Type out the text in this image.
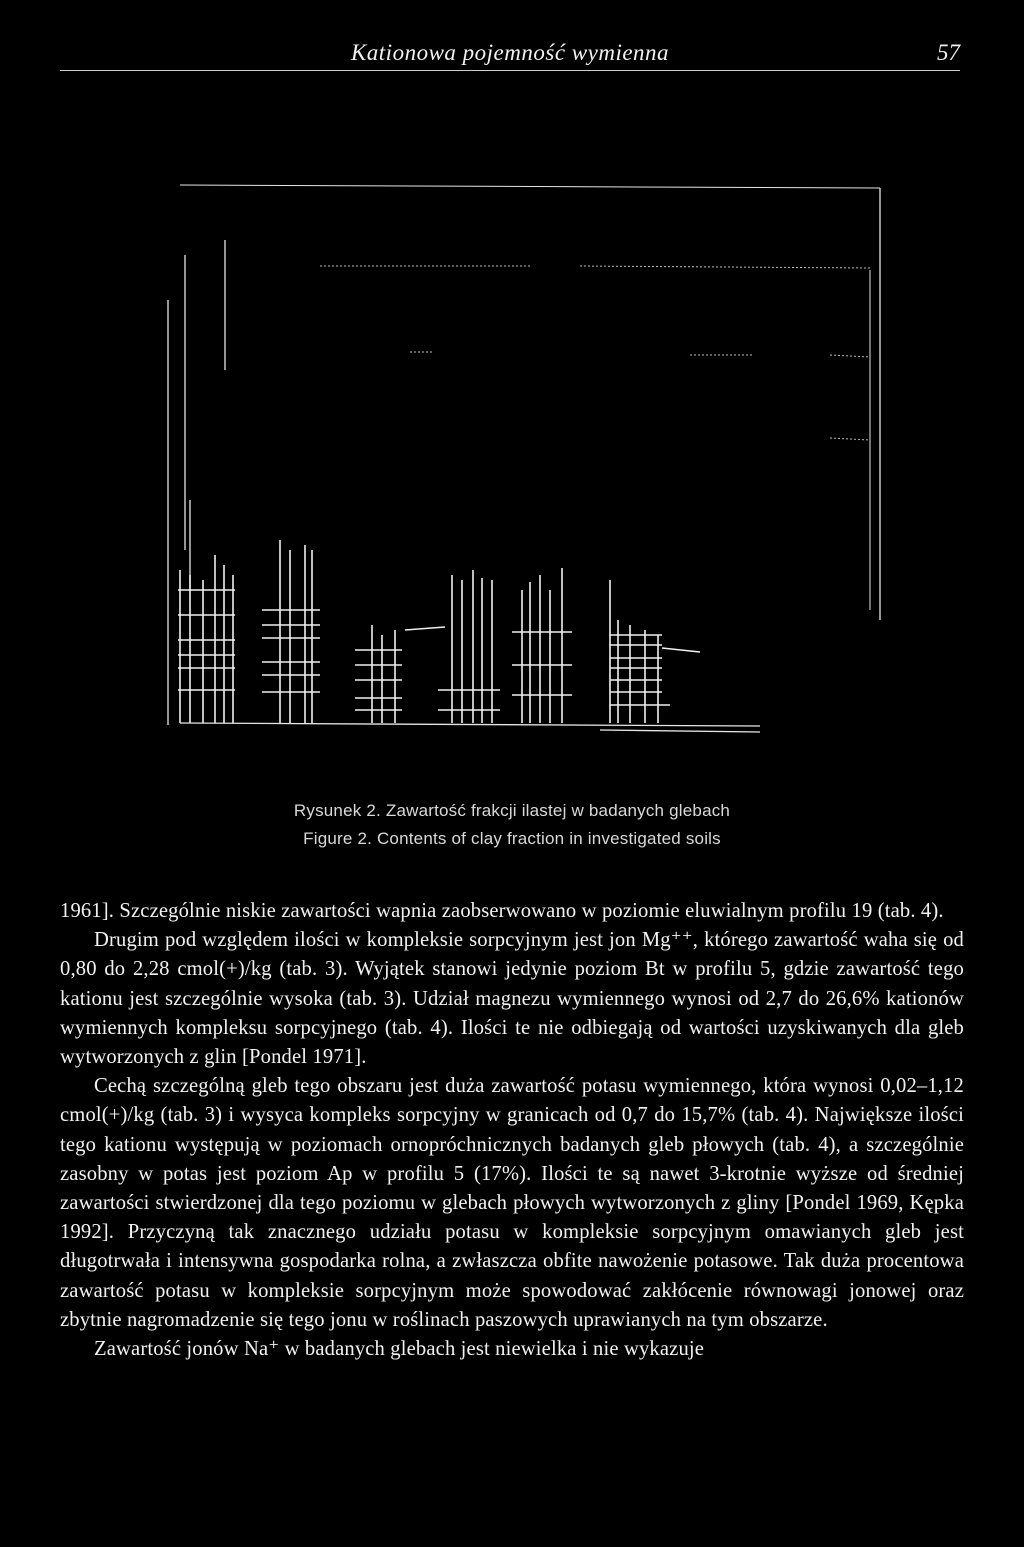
Kationowa pojemność wymienna	57
Rysunek 2. Zawartość frakcji ilastej w badanych glebach
Figure 2. Contents of clay fraction in investigated soils

1961]. Szczególnie niskie zawartości wapnia zaobserwowano w poziomie eluwialnym profilu 19 (tab. 4).

Drugim pod względem ilości w kompleksie sorpcyjnym jest jon Mg⁺⁺, którego zawartość waha się od 0,80 do 2,28 cmol(+)/kg (tab. 3). Wyjątek stanowi jedynie poziom Bt w profilu 5, gdzie zawartość tego kationu jest szczególnie wysoka (tab. 3). Udział magnezu wymiennego wynosi od 2,7 do 26,6% kationów wymiennych kompleksu sorpcyjnego (tab. 4). Ilości te nie odbiegają od wartości uzyskiwanych dla gleb wytworzonych z glin [Pondel 1971].

Cechą szczególną gleb tego obszaru jest duża zawartość potasu wymiennego, która wynosi 0,02–1,12 cmol(+)/kg (tab. 3) i wysyca kompleks sorpcyjny w granicach od 0,7 do 15,7% (tab. 4). Największe ilości tego kationu występują w poziomach ornopróchnicznych badanych gleb płowych (tab. 4), a szczególnie zasobny w potas jest poziom Ap w profilu 5 (17%). Ilości te są nawet 3-krotnie wyższe od średniej zawartości stwierdzonej dla tego poziomu w glebach płowych wytworzonych z gliny [Pondel 1969, Kępka 1992]. Przyczyną tak znacznego udziału potasu w kompleksie sorpcyjnym omawianych gleb jest długotrwała i intensywna gospodarka rolna, a zwłaszcza obfite nawożenie potasowe. Tak duża procentowa zawartość potasu w kompleksie sorpcyjnym może spowodować zakłócenie równowagi jonowej oraz zbytnie nagromadzenie się tego jonu w roślinach paszowych uprawianych na tym obszarze.

Zawartość jonów Na⁺ w badanych glebach jest niewielka i nie wykazuje
